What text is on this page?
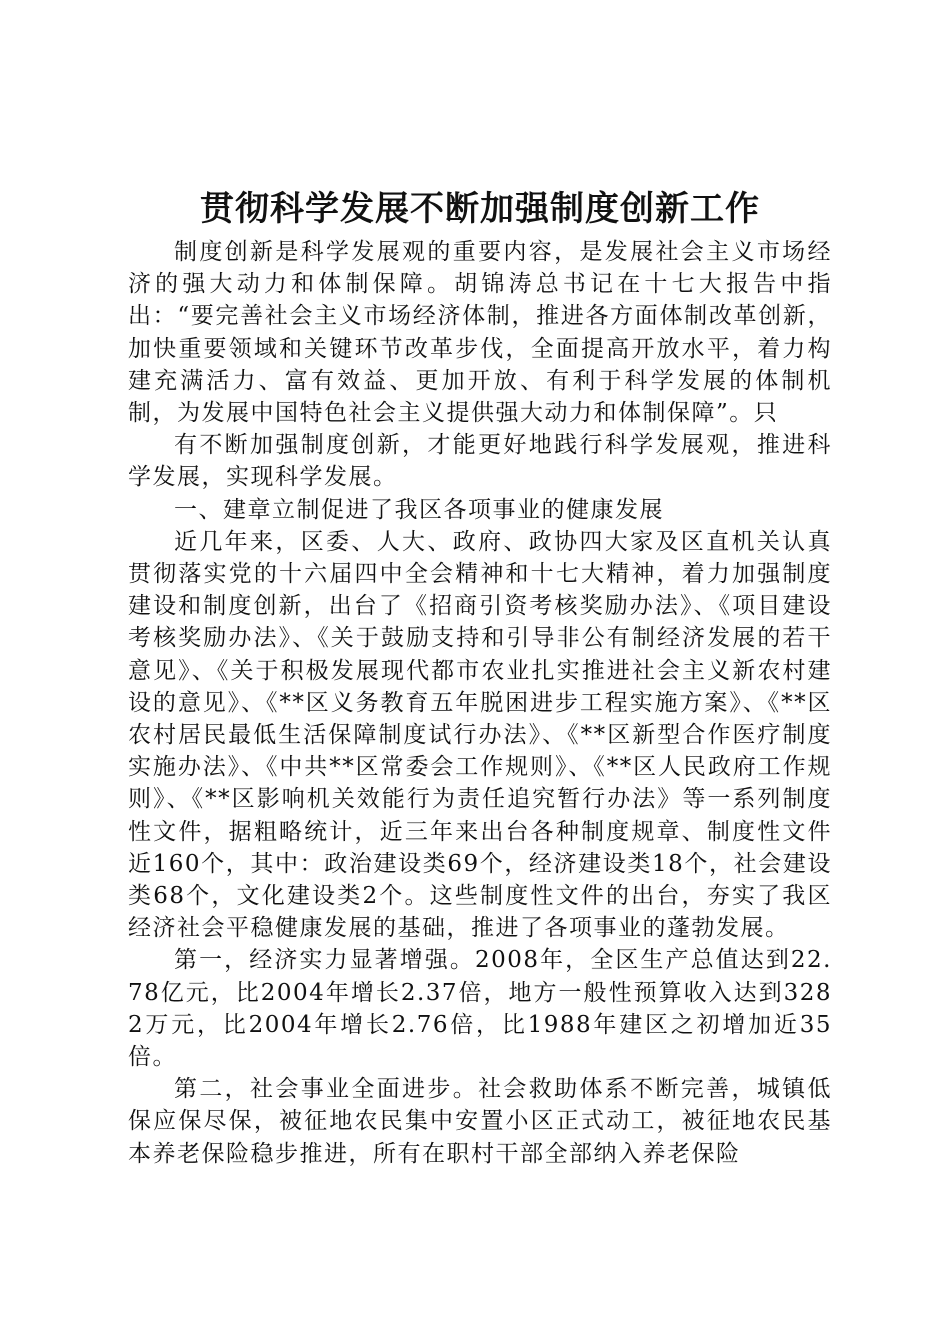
贯彻科学发展不断加强制度创新工作

制度创新是科学发展观的重要内容，是发展社会主义市场经济的强大动力和体制保障。胡锦涛总书记在十七大报告中指出：“要完善社会主义市场经济体制，推进各方面体制改革创新，加快重要领域和关键环节改革步伐，全面提高开放水平，着力构建充满活力、富有效益、更加开放、有利于科学发展的体制机制，为发展中国特色社会主义提供强大动力和体制保障”。只

有不断加强制度创新，才能更好地践行科学发展观，推进科学发展，实现科学发展。

一、建章立制促进了我区各项事业的健康发展

近几年来，区委、人大、政府、政协四大家及区直机关认真贯彻落实党的十六届四中全会精神和十七大精神，着力加强制度建设和制度创新，出台了《招商引资考核奖励办法》、《项目建设考核奖励办法》、《关于鼓励支持和引导非公有制经济发展的若干意见》、《关于积极发展现代都市农业扎实推进社会主义新农村建设的意见》、《**区义务教育五年脱困进步工程实施方案》、《**区农村居民最低生活保障制度试行办法》、《**区新型合作医疗制度实施办法》、《中共**区常委会工作规则》、《**区人民政府工作规则》、《**区影响机关效能行为责任追究暂行办法》等一系列制度性文件，据粗略统计，近三年来出台各种制度规章、制度性文件近160个，其中：政治建设类69个，经济建设类18个，社会建设类68个，文化建设类2个。这些制度性文件的出台，夯实了我区经济社会平稳健康发展的基础，推进了各项事业的蓬勃发展。

第一，经济实力显著增强。2008年，全区生产总值达到22.78亿元，比2004年增长2.37倍，地方一般性预算收入达到3282万元，比2004年增长2.76倍，比1988年建区之初增加近35倍。

第二，社会事业全面进步。社会救助体系不断完善，城镇低保应保尽保，被征地农民集中安置小区正式动工，被征地农民基本养老保险稳步推进，所有在职村干部全部纳入养老保险
